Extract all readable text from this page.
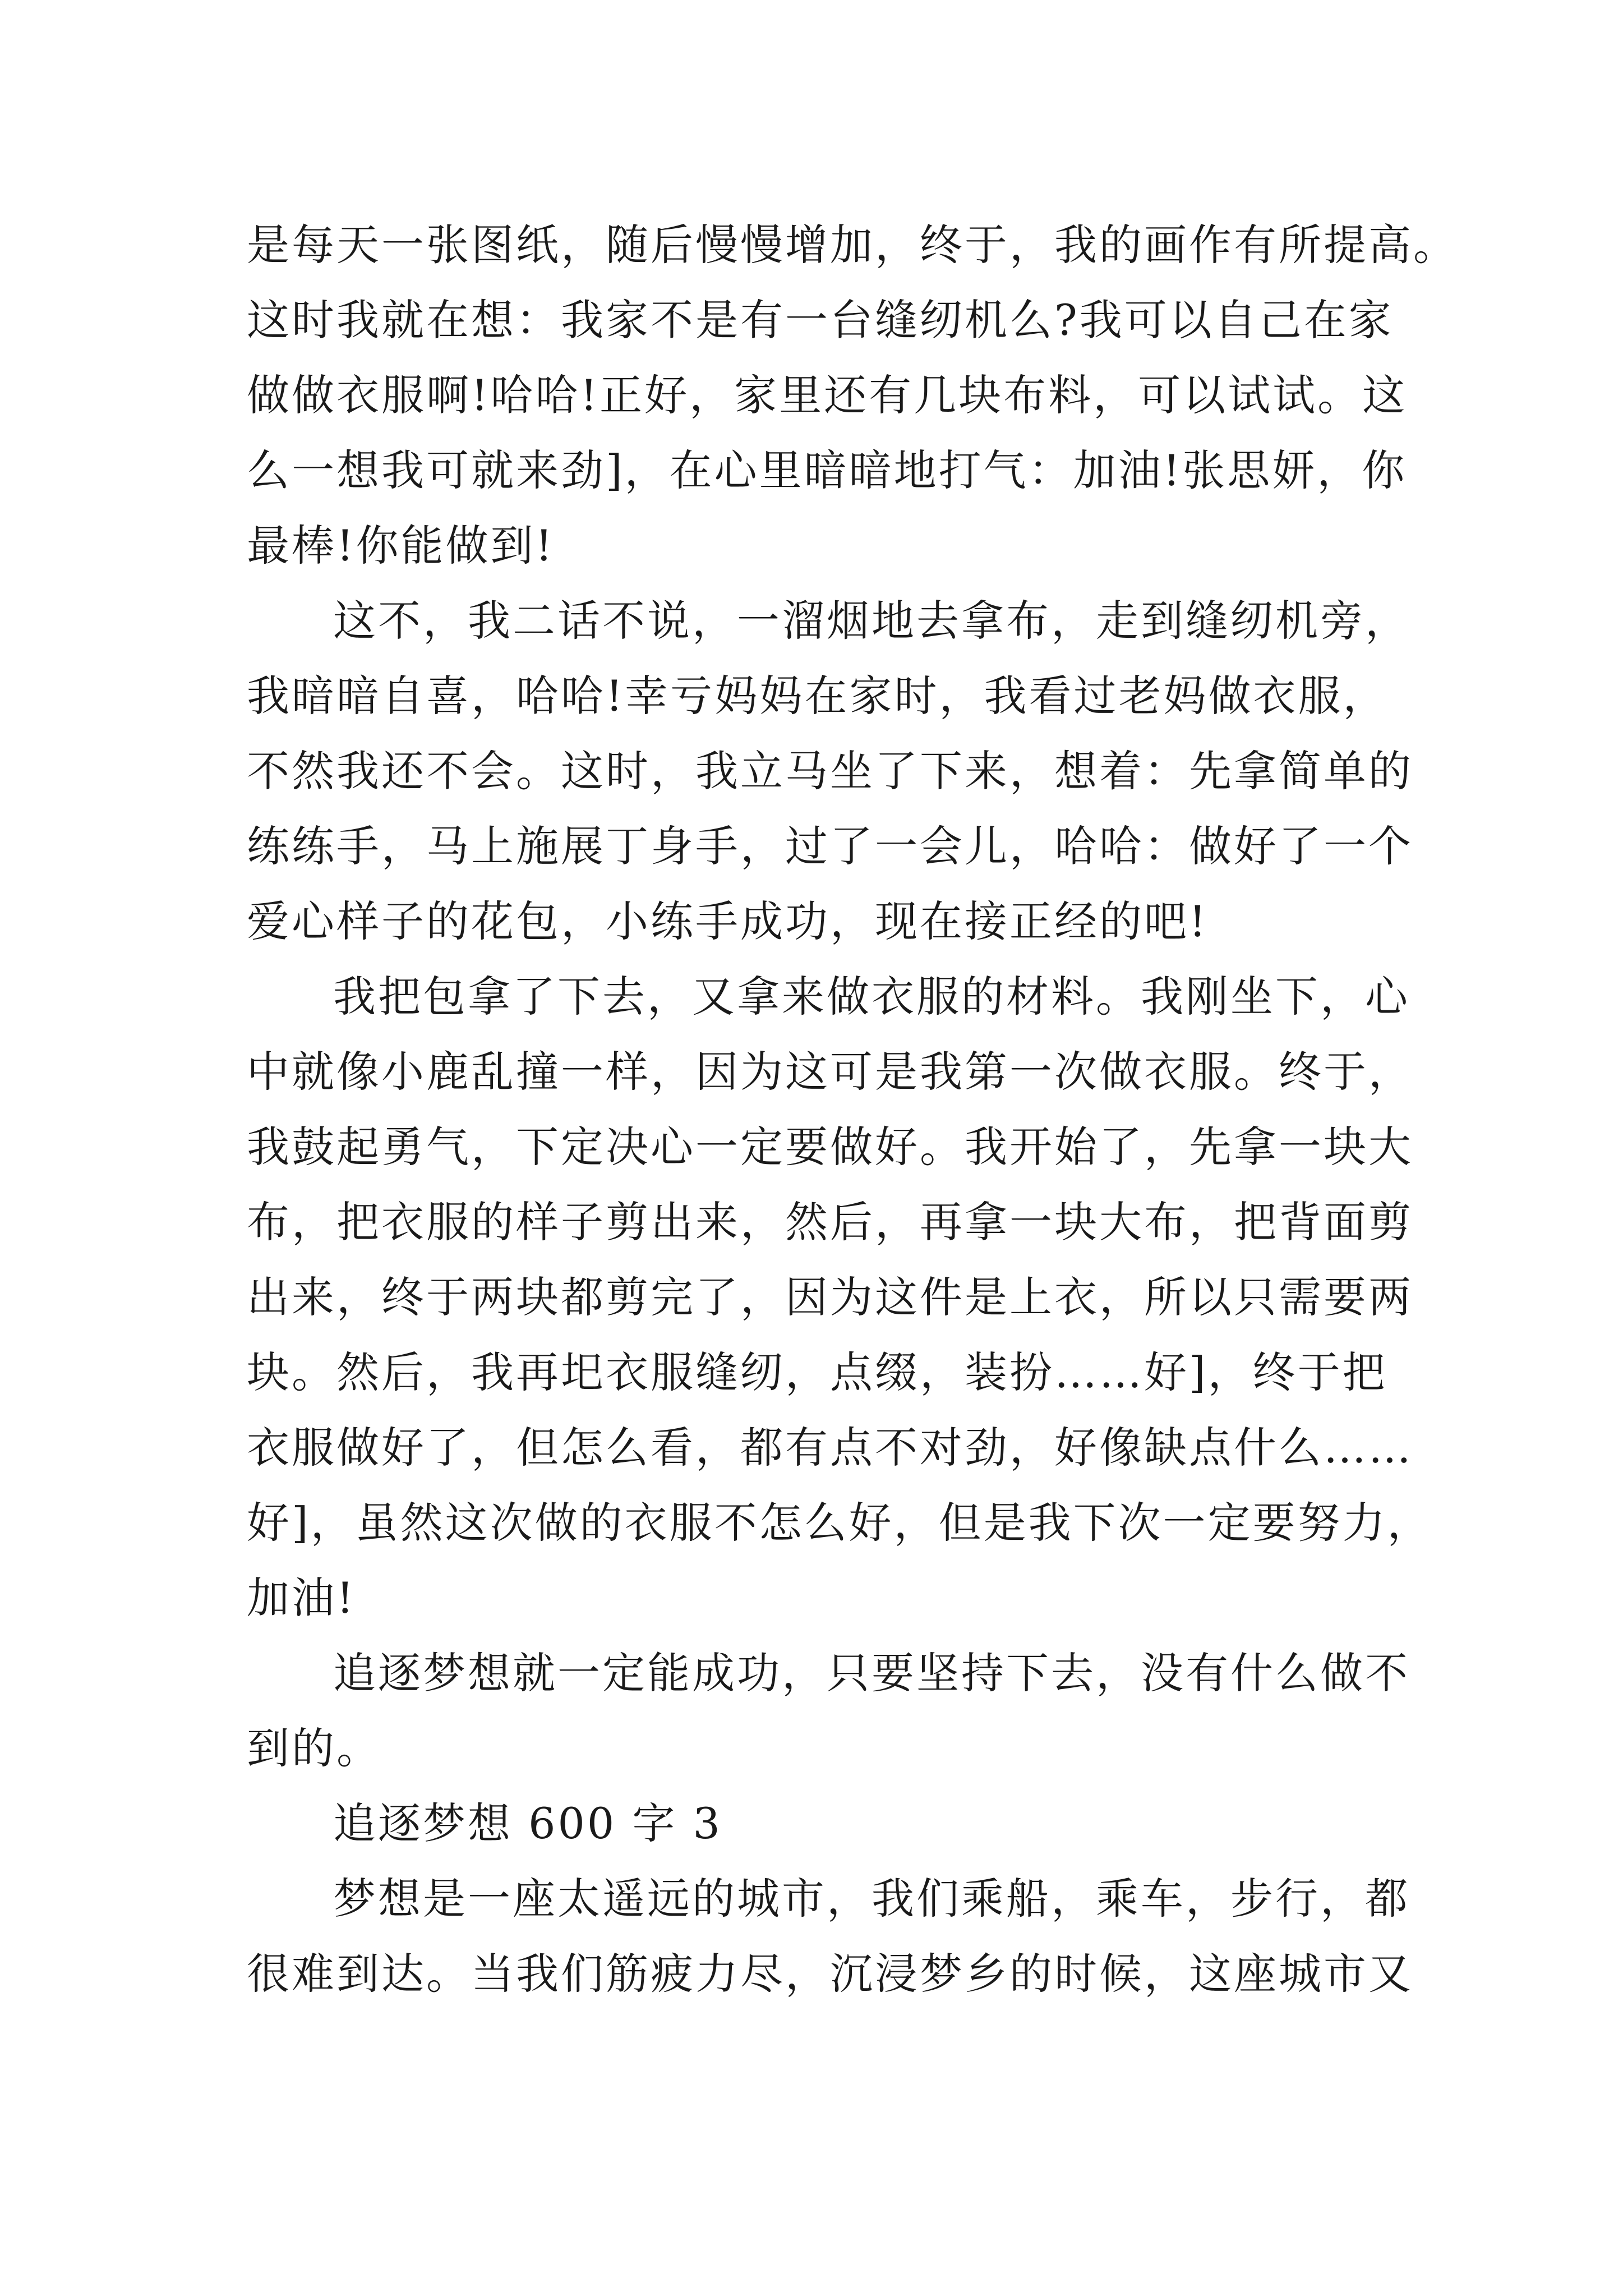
是每天一张图纸，随后慢慢增加，终于，我的画作有所提高。
这时我就在想：我家不是有一台缝纫机么?我可以自己在家
做做衣服啊!哈哈!正好，家里还有几块布料，可以试试。这
么一想我可就来劲]，在心里暗暗地打气：加油!张思妍，你
最棒!你能做到!
这不，我二话不说，一溜烟地去拿布，走到缝纫机旁，
我暗暗自喜，哈哈!幸亏妈妈在家时，我看过老妈做衣服，
不然我还不会。这时，我立马坐了下来，想着：先拿简单的
练练手，马上施展丁身手，过了一会儿，哈哈：做好了一个
爱心样子的花包，小练手成功，现在接正经的吧!
我把包拿了下去，又拿来做衣服的材料。我刚坐下，心
中就像小鹿乱撞一样，因为这可是我第一次做衣服。终于，
我鼓起勇气，下定决心一定要做好。我开始了，先拿一块大
布，把衣服的样子剪出来，然后，再拿一块大布，把背面剪
出来，终于两块都剪完了，因为这件是上衣，所以只需要两
块。然后，我再圯衣服缝纫，点缀，装扮……好]，终于把
衣服做好了，但怎么看，都有点不对劲，好像缺点什么……
好]，虽然这次做的衣服不怎么好，但是我下次一定要努力，
加油!
追逐梦想就一定能成功，只要坚持下去，没有什么做不
到的。
追逐梦想 600 字 3
梦想是一座太遥远的城市，我们乘船，乘车，步行，都
很难到达。当我们筋疲力尽，沉浸梦乡的时候，这座城市又
